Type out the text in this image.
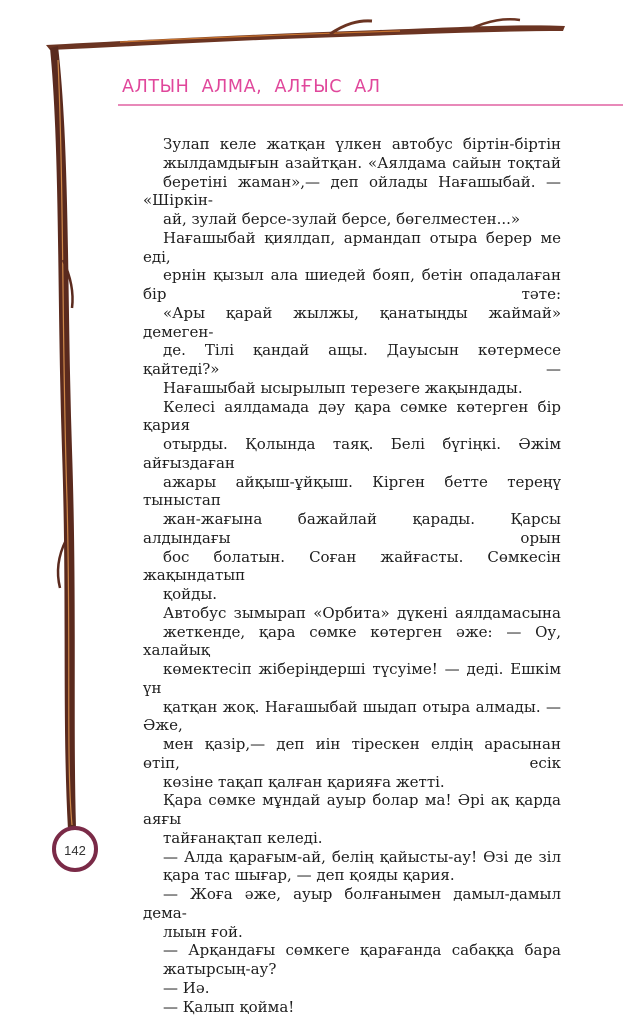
АЛТЫН АЛМА, АЛҒЫС АЛ

Зулап келе жатқан үлкен автобус біртін-біртін
жылдамдығын азайтқан. «Аялдама сайын тоқтай
беретіні жаман»,— деп ойлады Нағашыбай. — «Шіркін-
ай, зулай берсе-зулай берсе, бөгелместен...»

Нағашыбай қиялдап, армандап отыра берер ме еді,
ернін қызыл ала шиедей бояп, бетін опадалаған бір тәте:
«Ары қарай жылжы, қанатыңды жаймай» демеген-
де. Тілі қандай ащы. Дауысын көтермесе қайтеді?» —
Нағашыбай ысырылып терезеге жақындады.

Келесі аялдамада дәу қара сөмке көтерген бір қария
отырды. Қолында таяқ. Белі бүгіңкі. Әжім айғыздаған
ажары айқыш-ұйқыш. Кірген бетте тереңү тыныстап
жан-жағына бажайлай қарады. Қарсы алдындағы орын
бос болатын. Соған жайғасты. Сөмкесін жақындатып
қойды.

Автобус зымырап «Орбита» дүкені аялдамасына
жеткенде, қара сөмке көтерген әже: — Оу, халайық
көмектесіп жіберіңдерші түсуіме! — деді. Ешкім үн
қатқан жоқ. Нағашыбай шыдап отыра алмады. — Әже,
мен қазір,— деп иін тірескен елдің арасынан өтіп, есік
көзіне тақап қалған қарияға жетті.

Қара сөмке мұндай ауыр болар ма! Әрі ақ қарда аяғы
тайғанақтап келеді.

— Алда қарағым-ай, белің қайысты-ау! Өзі де зіл
қара тас шығар, — деп қояды қария.

— Жоға әже, ауыр болғанымен дамыл-дамыл дема-
лыын ғой.

— Арқандағы сөмкеге қарағанда сабаққа бара
жатырсың-ау?

— Иә.

— Қалып қойма!

142
